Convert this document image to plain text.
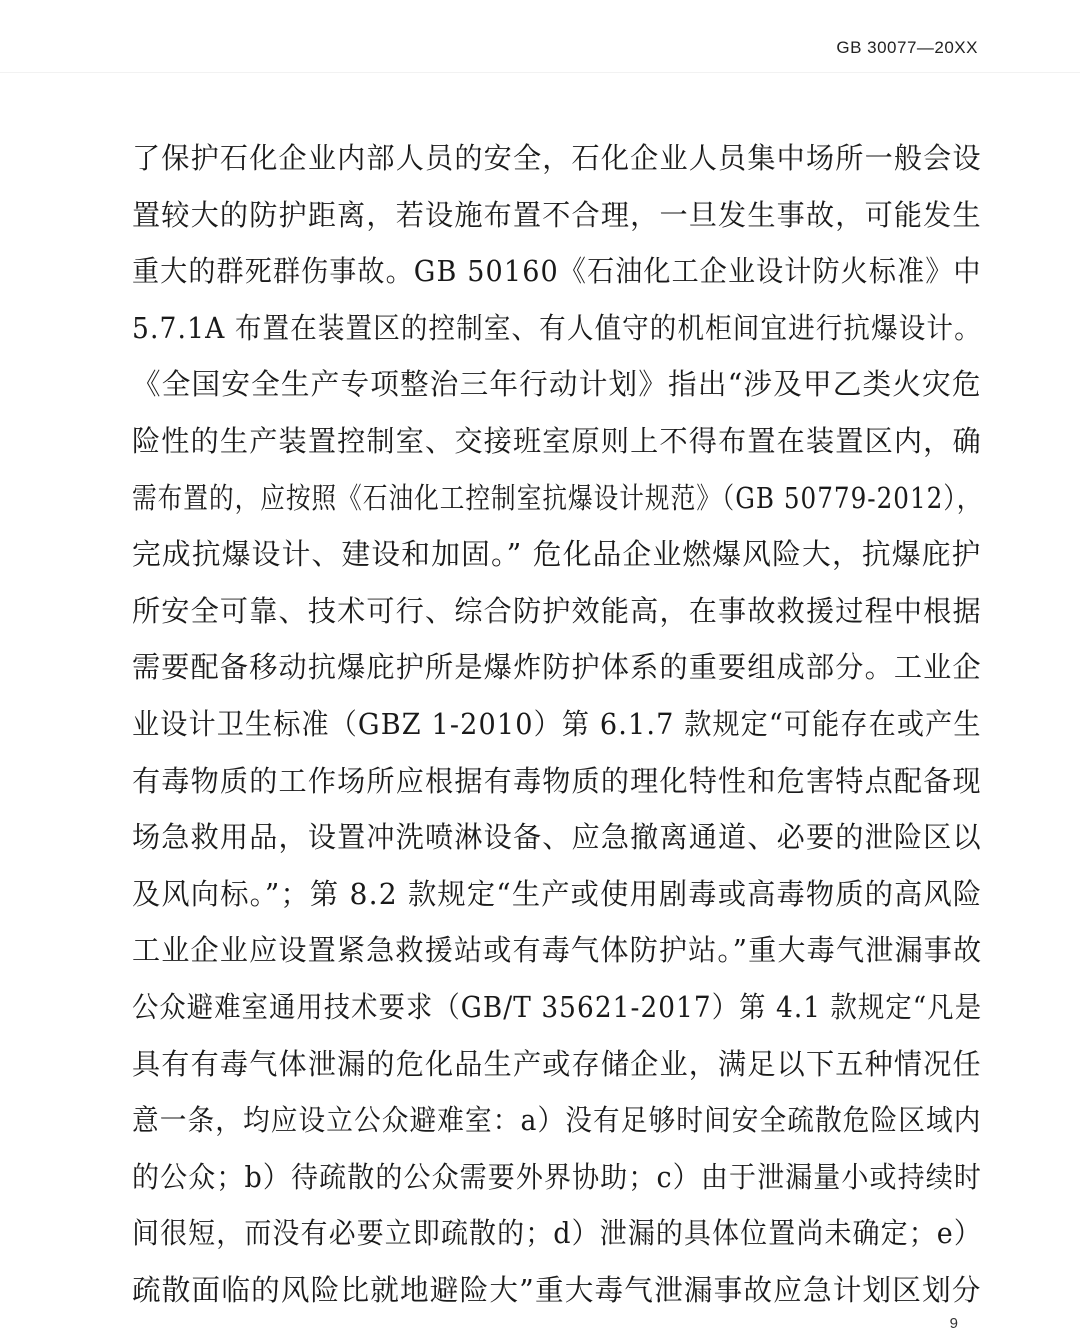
GB 30077—20XX
了保护石化企业内部人员的安全，石化企业人员集中场所一般会设
置较大的防护距离，若设施布置不合理，一旦发生事故，可能发生
重大的群死群伤事故。GB 50160《石油化工企业设计防火标准》中
5.7.1A 布置在装置区的控制室、有人值守的机柜间宜进行抗爆设计。
《全国安全生产专项整治三年行动计划》指出“涉及甲乙类火灾危
险性的生产装置控制室、交接班室原则上不得布置在装置区内，确
需布置的，应按照《石油化工控制室抗爆设计规范》（GB 50779-2012），
完成抗爆设计、建设和加固。” 危化品企业燃爆风险大，抗爆庇护
所安全可靠、技术可行、综合防护效能高，在事故救援过程中根据
需要配备移动抗爆庇护所是爆炸防护体系的重要组成部分。工业企
业设计卫生标准（GBZ 1-2010）第 6.1.7 款规定“可能存在或产生
有毒物质的工作场所应根据有毒物质的理化特性和危害特点配备现
场急救用品，设置冲洗喷淋设备、应急撤离通道、必要的泄险区以
及风向标。”；第 8.2 款规定“生产或使用剧毒或高毒物质的高风险
工业企业应设置紧急救援站或有毒气体防护站。”重大毒气泄漏事故
公众避难室通用技术要求（GB/T 35621-2017）第 4.1 款规定“凡是
具有有毒气体泄漏的危化品生产或存储企业，满足以下五种情况任
意一条，均应设立公众避难室：a）没有足够时间安全疏散危险区域内
的公众；b）待疏散的公众需要外界协助；c）由于泄漏量小或持续时
间很短，而没有必要立即疏散的；d）泄漏的具体位置尚未确定；e）
疏散面临的风险比就地避险大”重大毒气泄漏事故应急计划区划分
9
